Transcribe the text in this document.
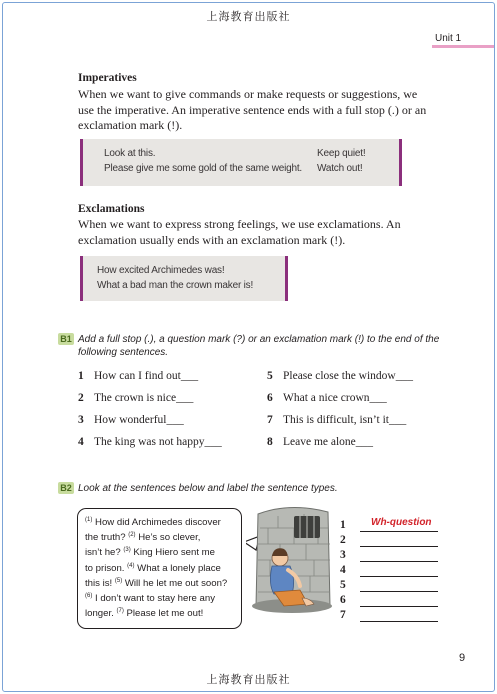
上海教育出版社
Unit 1
Imperatives
When we want to give commands or make requests or suggestions, we
use the imperative. An imperative sentence ends with a full stop (.) or an
exclamation mark (!).
Look at this.
Please give me some gold of the same weight.
Keep quiet!
Watch out!
Exclamations
When we want to express strong feelings, we use exclamations. An
exclamation usually ends with an exclamation mark (!).
How excited Archimedes was!
What a bad man the crown maker is!
B1 Add a full stop (.), a question mark (?) or an exclamation mark (!) to the end of the
following sentences.
1 How can I find out___
2 The crown is nice___
3 How wonderful___
4 The king was not happy___
5 Please close the window___
6 What a nice crown___
7 This is difficult, isn’t it___
8 Leave me alone___
B2 Look at the sentences below and label the sentence types.
$^{(1)}$ How did Archimedes discover
the truth? $^{(2)}$ He’s so clever,
isn’t he? $^{(3)}$ King Hiero sent me
to prison. $^{(4)}$ What a lonely place
this is! $^{(5)}$ Will he let me out soon?
$^{(6)}$ I don’t want to stay here any
longer. $^{(7)}$ Please let me out!
1	Wh-question
2
3
4
5
6
7
9
上海教育出版社
